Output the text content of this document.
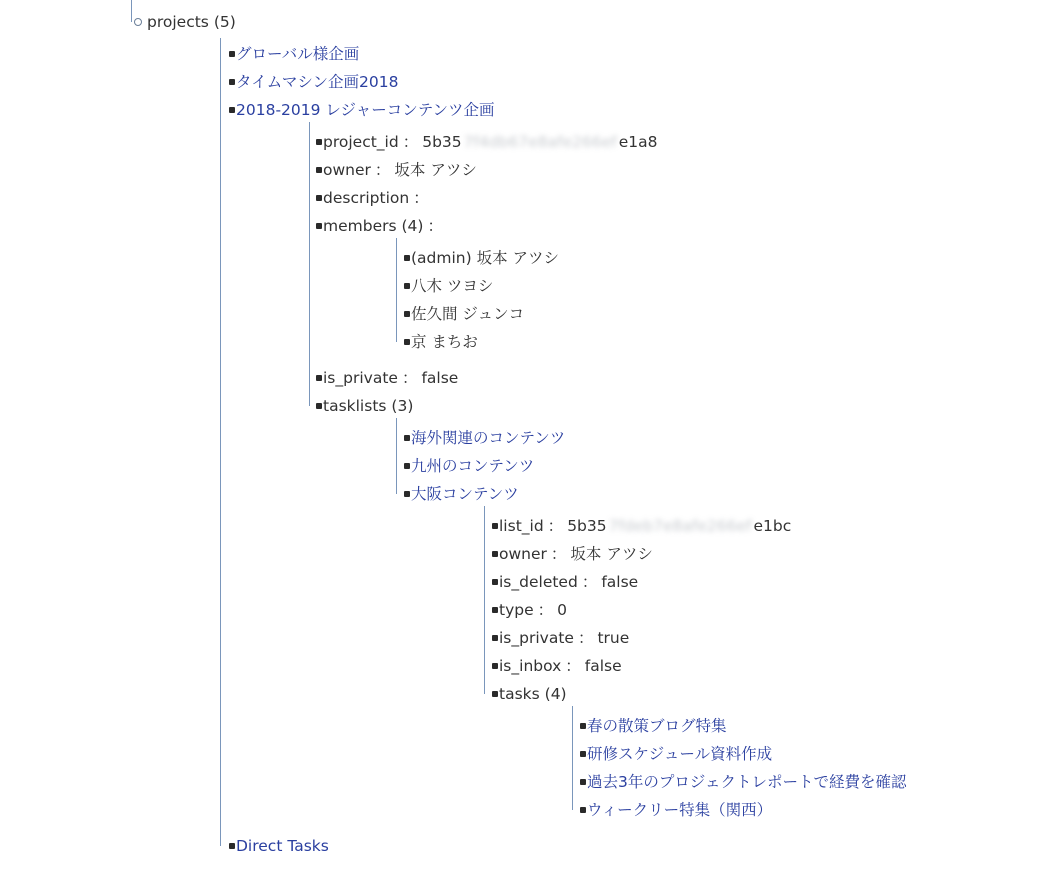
projects (5)
グローバル様企画
タイムマシン企画2018
2018-2019 レジャーコンテンツ企画
project_id ： 5b35 7f4db67e8afe266ef e1a8
owner ： 坂本 アツシ
description ：
members (4) ：
(admin) 坂本 アツシ
八木 ツヨシ
佐久間 ジュンコ
京 まちお
is_private ： false
tasklists (3)
海外関連のコンテンツ
九州のコンテンツ
大阪コンテンツ
list_id ： 5b35 7fdeb7e8afe266ef e1bc
owner ： 坂本 アツシ
is_deleted ： false
type ： 0
is_private ： true
is_inbox ： false
tasks (4)
春の散策ブログ特集
研修スケジュール資料作成
過去3年のプロジェクトレポートで経費を確認
ウィークリー特集（関西）
Direct Tasks
